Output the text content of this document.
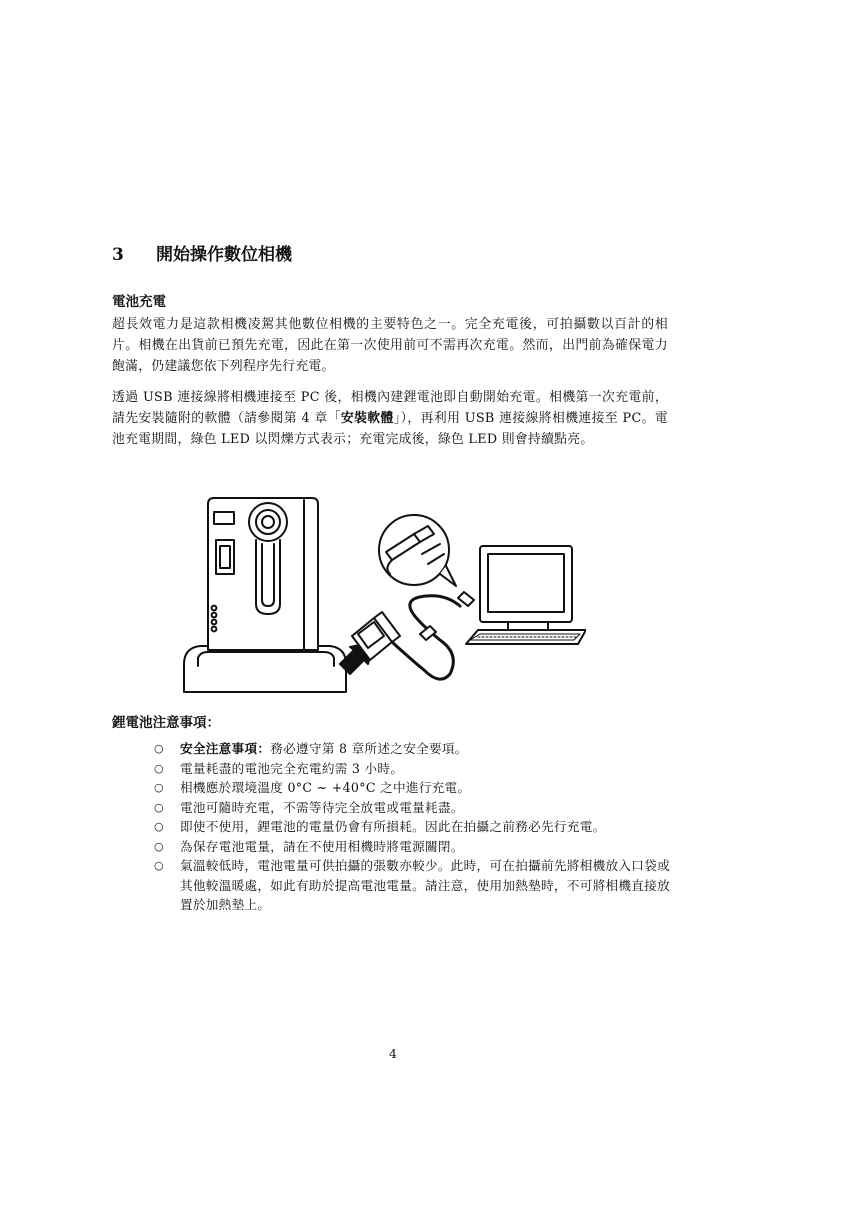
3 開始操作數位相機
電池充電
超長效電力是這款相機凌駕其他數位相機的主要特色之一。完全充電後，可拍攝數以百計的相片。相機在出貨前已預先充電，因此在第一次使用前可不需再次充電。然而，出門前為確保電力飽滿，仍建議您依下列程序先行充電。
透過 USB 連接線將相機連接至 PC 後，相機內建鋰電池即自動開始充電。相機第一次充電前，請先安裝隨附的軟體（請參閱第 4 章「安裝軟體」），再利用 USB 連接線將相機連接至 PC。電池充電期間，綠色 LED 以閃爍方式表示；充電完成後，綠色 LED 則會持續點亮。
鋰電池注意事項：
○ 安全注意事項：務必遵守第 8 章所述之安全要項。
○ 電量耗盡的電池完全充電約需 3 小時。
○ 相機應於環境溫度 0°C ~ +40°C 之中進行充電。
○ 電池可隨時充電，不需等待完全放電或電量耗盡。
○ 即使不使用，鋰電池的電量仍會有所損耗。因此在拍攝之前務必先行充電。
○ 為保存電池電量，請在不使用相機時將電源關閉。
○ 氣溫較低時，電池電量可供拍攝的張數亦較少。此時，可在拍攝前先將相機放入口袋或其他較溫暖處，如此有助於提高電池電量。請注意，使用加熱墊時，不可將相機直接放置於加熱墊上。
4
